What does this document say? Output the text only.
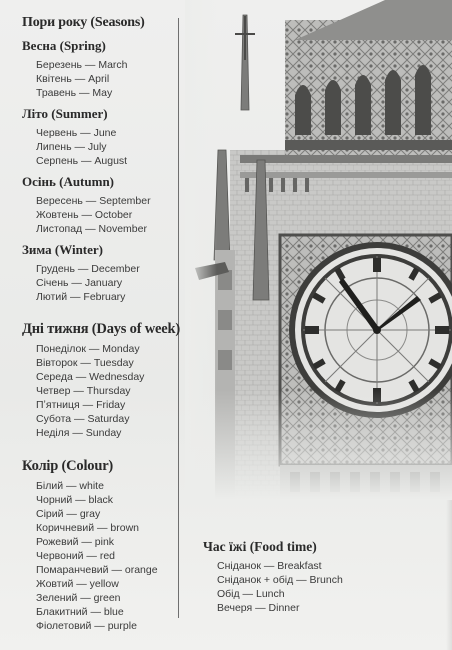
Пори року (Seasons)
Весна (Spring)
Березень — March
Квітень — April
Травень — May
Літо (Summer)
Червень — June
Липень — July
Серпень — August
Осінь (Autumn)
Вересень — September
Жовтень — October
Листопад — November
Зима (Winter)
Грудень — December
Січень — January
Лютий — February
Дні тижня (Days of week)
Понеділок — Monday
Вівторок — Tuesday
Середа — Wednesday
Четвер — Thursday
Пʼятниця — Friday
Субота — Saturday
Неділя — Sunday
Колір (Colour)
Білий — white
Чорний — black
Сірий — gray
Коричневий — brown
Рожевий — pink
Червоний — red
Помаранчевий — orange
Жовтий — yellow
Зелений — green
Блакитний — blue
Фіолетовий — purple
Час їжі (Food time)
Сніданок — Breakfast
Сніданок + обід — Brunch
Обід — Lunch
Вечеря — Dinner
